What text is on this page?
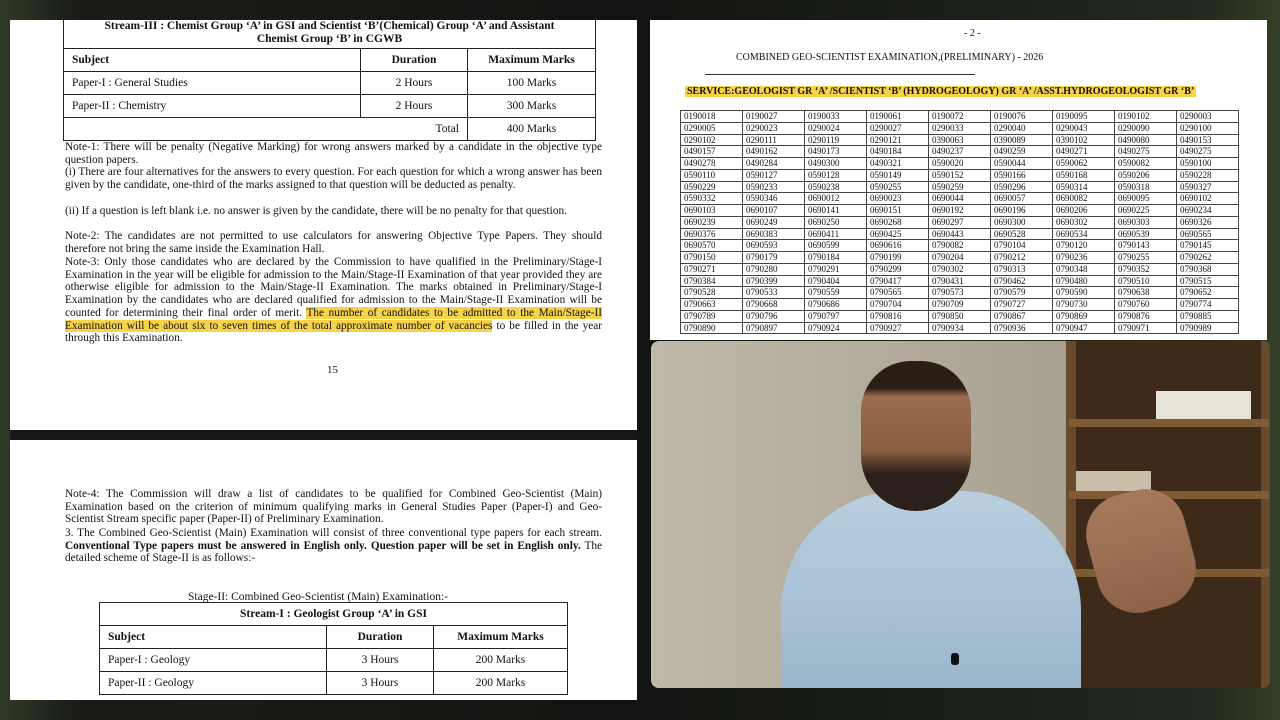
Stream-III : Chemist Group ‘A’ in GSI and Scientist ‘B’(Chemical) Group ‘A’ and Assistant
Chemist Group ‘B’ in CGWB		
Subject	Duration	Maximum Marks
Paper-I : General Studies	2 Hours	100 Marks
Paper-II : Chemistry	2 Hours	300 Marks
Total		400 Marks
Note-1: There will be penalty (Negative Marking) for wrong answers marked by a candidate in the objective type question papers.
(i) There are four alternatives for the answers to every question. For each question for which a wrong answer has been given by the candidate, one-third of the marks assigned to that question will be deducted as penalty.
(ii) If a question is left blank i.e. no answer is given by the candidate, there will be no penalty for that question.
Note-2: The candidates are not permitted to use calculators for answering Objective Type Papers. They should therefore not bring the same inside the Examination Hall.
Note-3: Only those candidates who are declared by the Commission to have qualified in the Preliminary/Stage-I Examination in the year will be eligible for admission to the Main/Stage-II Examination of that year provided they are otherwise eligible for admission to the Main/Stage-II Examination. The marks obtained in Preliminary/Stage-I Examination by the candidates who are declared qualified for admission to the Main/Stage-II Examination will be counted for determining their final order of merit. The number of candidates to be admitted to the Main/Stage-II Examination will be about six to seven times of the total approximate number of vacancies to be filled in the year through this Examination.
15
Note-4: The Commission will draw a list of candidates to be qualified for Combined Geo-Scientist (Main) Examination based on the criterion of minimum qualifying marks in General Studies Paper (Paper-I) and Geo-Scientist Stream specific paper (Paper-II) of Preliminary Examination.
3. The Combined Geo-Scientist (Main) Examination will consist of three conventional type papers for each stream. Conventional Type papers must be answered in English only. Question paper will be set in English only. The detailed scheme of Stage-II is as follows:-
Stage-II: Combined Geo-Scientist (Main) Examination:-
Stream-I : Geologist Group ‘A’ in GSI		
Subject	Duration	Maximum Marks
Paper-I : Geology	3 Hours	200 Marks
Paper-II : Geology	3 Hours	200 Marks
- 2 -
COMBINED GEO-SCIENTIST EXAMINATION,(PRELIMINARY) - 2026
SERVICE:GEOLOGIST GR ‘A’ /SCIENTIST ‘B’ (HYDROGEOLOGY) GR ‘A’ /ASST.HYDROGEOLOGIST GR ‘B’
0190018	0190027	0190033	0190061	0190072	0190076	0190095	0190102	0290003
0290005	0290023	0290024	0290027	0290033	0290040	0290043	0290090	0290100
0290102	0290111	0290119	0290121	0390063	0390089	0390102	0490080	0490153
0490157	0490162	0490173	0490184	0490237	0490259	0490271	0490275	0490275
0490278	0490284	0490300	0490321	0590020	0590044	0590062	0590082	0590100
0590110	0590127	0590128	0590149	0590152	0590166	0590168	0590206	0590228
0590229	0590233	0590238	0590255	0590259	0590296	0590314	0590318	0590327
0590332	0590346	0690012	0690023	0690044	0690057	0690082	0690095	0690102
0690103	0690107	0690141	0690151	0690192	0690196	0690206	0690225	0690234
0690239	0690249	0690250	0690268	0690297	0690300	0690302	0690303	0690326
0690376	0690383	0690411	0690425	0690443	0690528	0690534	0690539	0690565
0690570	0690593	0690599	0690616	0790082	0790104	0790120	0790143	0790145
0790150	0790179	0790184	0790199	0790204	0790212	0790236	0790255	0790262
0790271	0790280	0790291	0790299	0790302	0790313	0790348	0790352	0790368
0790384	0790399	0790404	0790417	0790431	0790462	0790480	0790510	0790515
0790528	0790533	0790559	0790565	0790573	0790579	0790590	0790638	0790652
0790663	0790668	0790686	0790704	0790709	0790727	0790730	0790760	0790774
0790789	0790796	0790797	0790816	0790850	0790867	0790869	0790876	0790885
0790890	0790897	0790924	0790927	0790934	0790936	0790947	0790971	0790989
